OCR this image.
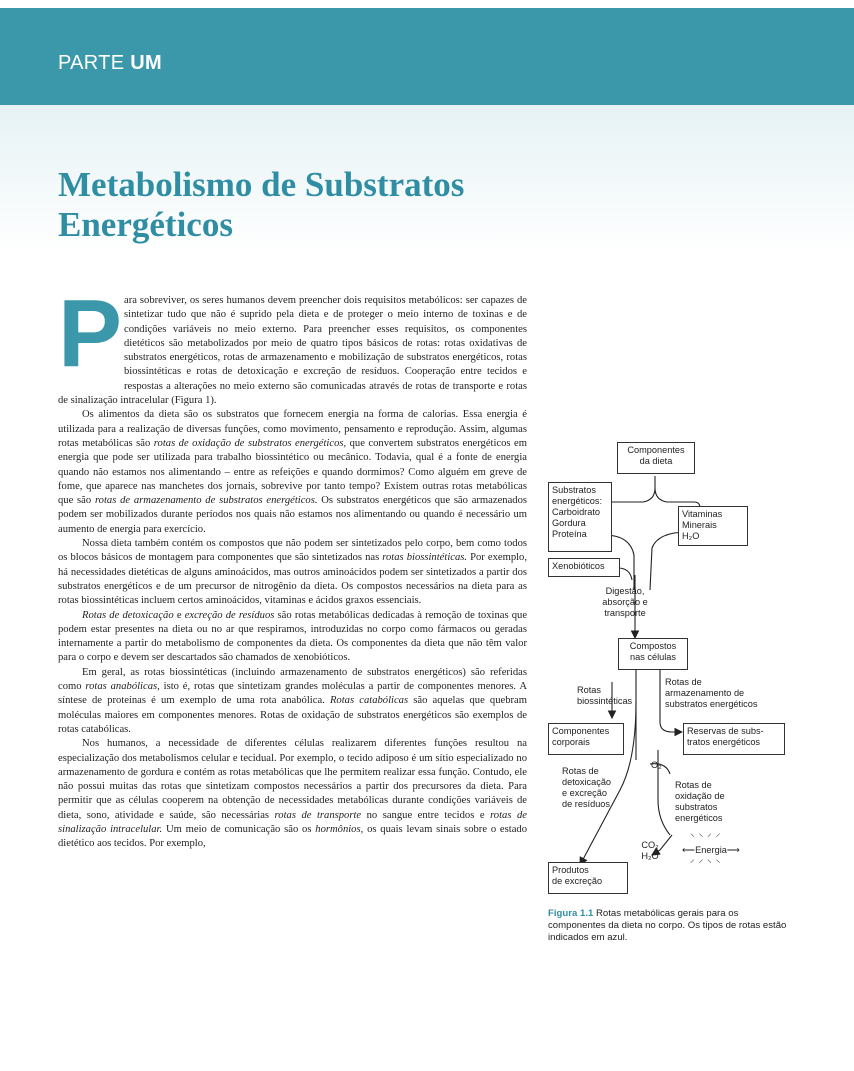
PARTE UM
Metabolismo de Substratos
Energéticos

Para sobreviver, os seres humanos devem preencher dois requisitos metabólicos: ser capazes de sintetizar tudo que não é suprido pela dieta e de proteger o meio interno de toxinas e de condições variáveis no meio externo. Para preencher esses requisitos, os componentes dietéticos são metabolizados por meio de quatro tipos básicos de rotas: rotas oxidativas de substratos energéticos, rotas de armazenamento e mobilização de substratos energéticos, rotas biossintéticas e rotas de detoxicação e excreção de resíduos. Cooperação entre tecidos e respostas a alterações no meio externo são comunicadas através de rotas de transporte e rotas de sinalização intracelular (Figura 1).

Os alimentos da dieta são os substratos que fornecem energia na forma de calorias. Essa energia é utilizada para a realização de diversas funções, como movimento, pensamento e reprodução. Assim, algumas rotas metabólicas são rotas de oxidação de substratos energéticos, que convertem substratos energéticos em energia que pode ser utilizada para trabalho biossintético ou mecânico. Todavia, qual é a fonte de energia quando não estamos nos alimentando – entre as refeições e quando dormimos? Como alguém em greve de fome, que aparece nas manchetes dos jornais, sobrevive por tanto tempo? Existem outras rotas metabólicas que são rotas de armazenamento de substratos energéticos. Os substratos energéticos que são armazenados podem ser mobilizados durante períodos nos quais não estamos nos alimentando ou quando é necessário um aumento de energia para exercício.

Nossa dieta também contém os compostos que não podem ser sintetizados pelo corpo, bem como todos os blocos básicos de montagem para componentes que são sintetizados nas rotas biossintéticas. Por exemplo, há necessidades dietéticas de alguns aminoácidos, mas outros aminoácidos podem ser sintetizados a partir dos substratos energéticos e de um precursor de nitrogênio da dieta. Os compostos necessários na dieta para as rotas biossintéticas incluem certos aminoácidos, vitaminas e ácidos graxos essenciais.

Rotas de detoxicação e excreção de resíduos são rotas metabólicas dedicadas à remoção de toxinas que podem estar presentes na dieta ou no ar que respiramos, introduzidas no corpo como fármacos ou geradas internamente a partir do metabolismo de componentes da dieta. Os componentes da dieta que não têm valor para o corpo e devem ser descartados são chamados de xenobióticos.

Em geral, as rotas biossintéticas (incluindo armazenamento de substratos energéticos) são referidas como rotas anabólicas, isto é, rotas que sintetizam grandes moléculas a partir de componentes menores. A síntese de proteínas é um exemplo de uma rota anabólica. Rotas catabólicas são aquelas que quebram moléculas maiores em componentes menores. Rotas de oxidação de substratos energéticos são exemplos de rotas catabólicas.

Nos humanos, a necessidade de diferentes células realizarem diferentes funções resultou na especialização dos metabolismos celular e tecidual. Por exemplo, o tecido adiposo é um sítio especializado no armazenamento de gordura e contém as rotas metabólicas que lhe permitem realizar essa função. Contudo, ele não possui muitas das rotas que sintetizam compostos necessários a partir dos precursores da dieta. Para permitir que as células cooperem na obtenção de necessidades metabólicas durante condições variáveis de dieta, sono, atividade e saúde, são necessárias rotas de transporte no sangue entre tecidos e rotas de sinalização intracelular. Um meio de comunicação são os hormônios, os quais levam sinais sobre o estado dietético aos tecidos. Por exemplo,

Componentes
da dieta
Substratos
energéticos:
Carboidrato
Gordura
Proteína
Vitaminas
Minerais
H₂O
Xenobióticos
Digestão,
absorção e
transporte
Compostos
nas células
Rotas
biossintéticas
Rotas de
armazenamento de
substratos energéticos
Componentes
corporais
Reservas de subs-
tratos energéticos
Rotas de
detoxicação
e excreção
de resíduos
O₂
Rotas de
oxidação de
substratos
energéticos
CO₂
H₂O
⟵Energia⟶
⸌⸌⸍⸍
⸍⸍⸌⸌
Produtos
de excreção
Figura 1.1 Rotas metabólicas gerais para os componentes da dieta no corpo. Os tipos de rotas estão indicados em azul.
